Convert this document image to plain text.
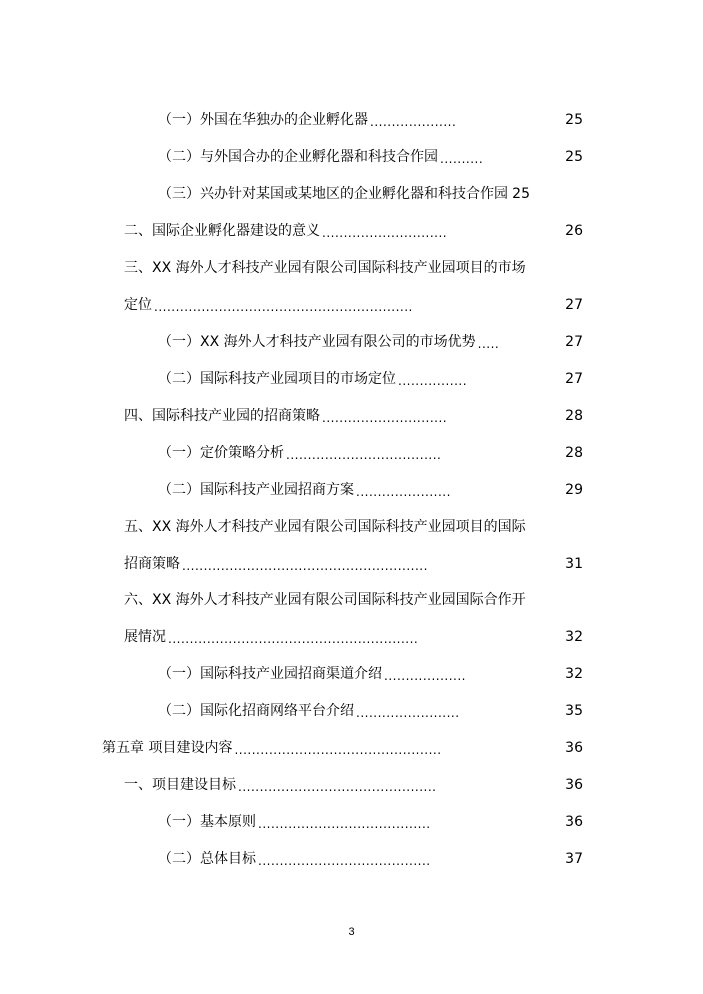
（一）外国在华独办的企业孵化器 ....................	25
（二）与外国合办的企业孵化器和科技合作园 ..........	25
（三）兴办针对某国或某地区的企业孵化器和科技合作园 25
二、国际企业孵化器建设的意义 .............................	26
三、XX 海外人才科技产业园有限公司国际科技产业园项目的市场
定位 ............................................................	27
（一）XX 海外人才科技产业园有限公司的市场优势 .....	27
（二）国际科技产业园项目的市场定位 ................	27
四、国际科技产业园的招商策略 .............................	28
（一）定价策略分析 ....................................	28
（二）国际科技产业园招商方案 ......................	29
五、XX 海外人才科技产业园有限公司国际科技产业园项目的国际
招商策略 .........................................................	31
六、XX 海外人才科技产业园有限公司国际科技产业园国际合作开
展情况 ..........................................................	32
（一）国际科技产业园招商渠道介绍 ...................	32
（二）国际化招商网络平台介绍 ........................	35
第五章 项目建设内容 ................................................	36
一、项目建设目标 ..............................................	36
（一）基本原则 ........................................	36
（二）总体目标 ........................................	37
3
